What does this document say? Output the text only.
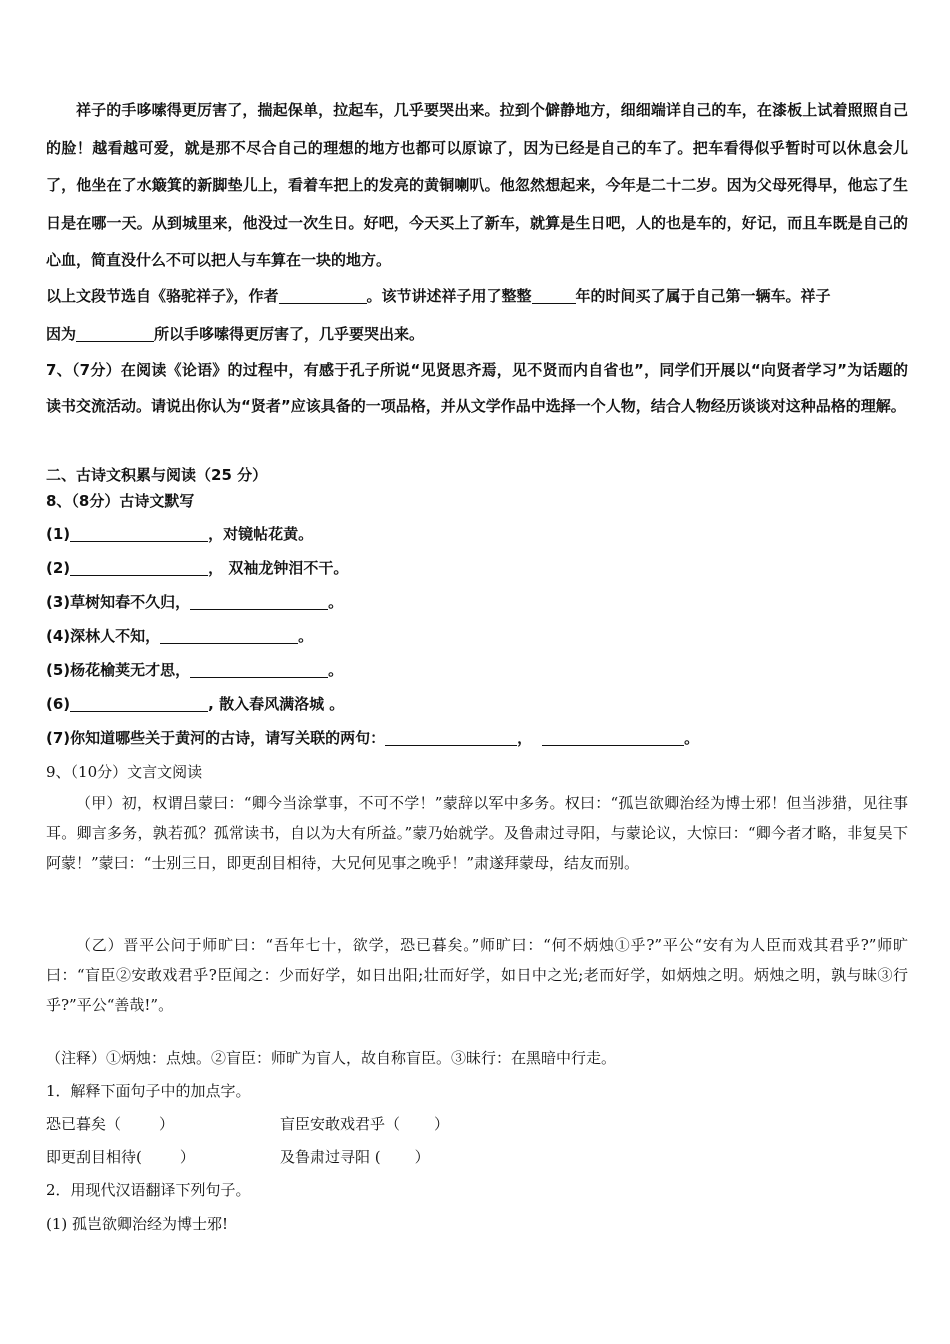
祥子的手哆嗦得更厉害了，揣起保单，拉起车，几乎要哭出来。拉到个僻静地方，细细端详自己的车，在漆板上试着照照自己的脸！越看越可爱，就是那不尽合自己的理想的地方也都可以原谅了，因为已经是自己的车了。把车看得似乎暂时可以休息会儿了，他坐在了水簸箕的新脚垫儿上，看着车把上的发亮的黄铜喇叭。他忽然想起来，今年是二十二岁。因为父母死得早，他忘了生日是在哪一天。从到城里来，他没过一次生日。好吧，今天买上了新车，就算是生日吧，人的也是车的，好记，而且车既是自己的心血，简直没什么不可以把人与车算在一块的地方。
以上文段节选自《骆驼祥子》，作者	。该节讲述祥子用了整整	年的时间买了属于自己第一辆车。祥子
因为	所以手哆嗦得更厉害了，几乎要哭出来。
7、（7分）在阅读《论语》的过程中，有感于孔子所说“见贤思齐焉，见不贤而内自省也”，同学们开展以“向贤者学习”为话题的读书交流活动。请说出你认为“贤者”应该具备的一项品格，并从文学作品中选择一个人物，结合人物经历谈谈对这种品格的理解。
二、古诗文积累与阅读（25 分）
8、（8分）古诗文默写
(1)	，对镜帖花黄。
(2)	， 双袖龙钟泪不干。
(3)草树知春不久归，	。
(4)深林人不知，	。
(5)杨花榆荚无才思，	。
(6)	, 散入春风满洛城 。
(7)你知道哪些关于黄河的古诗，请写关联的两句：	，	。
9、（10分）文言文阅读
（甲）初，权谓吕蒙曰：“卿今当涂掌事，不可不学！”蒙辞以军中多务。权曰：“孤岂欲卿治经为博士邪！但当涉猎，见往事耳。卿言多务，孰若孤？孤常读书，自以为大有所益。”蒙乃始就学。及鲁肃过寻阳，与蒙论议，大惊曰：“卿今者才略，非复吴下阿蒙！”蒙曰：“士别三日，即更刮目相待，大兄何见事之晚乎！”肃遂拜蒙母，结友而别。
（乙）晋平公问于师旷曰：“吾年七十，欲学，恐已暮矣。”师旷曰：“何不炳烛①乎?”平公“安有为人臣而戏其君乎?”师旷曰：“盲臣②安敢戏君乎?臣闻之：少而好学，如日出阳;壮而好学，如日中之光;老而好学，如炳烛之明。炳烛之明，孰与昧③行乎?”平公“善哉!”。
（注释）①炳烛：点烛。②盲臣：师旷为盲人，故自称盲臣。③昧行：在黑暗中行走。
1．解释下面句子中的加点字。
恐已暮矣（	）	盲臣安敢戏君乎（ ）
即更刮目相待(	）	及鲁肃过寻阳 ( ）
2．用现代汉语翻译下列句子。
(1) 孤岂欲卿治经为博士邪!
